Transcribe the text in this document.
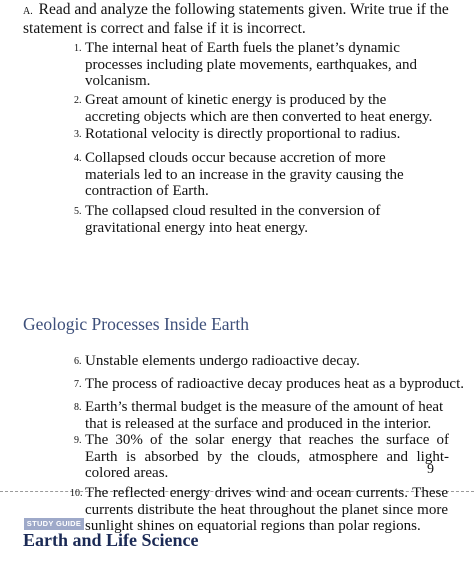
A. Read and analyze the following statements given. Write true if the statement is correct and false if it is incorrect.
1. The internal heat of Earth fuels the planet’s dynamic processes including plate movements, earthquakes, and volcanism.
2. Great amount of kinetic energy is produced by the accreting objects which are then converted to heat energy.
3. Rotational velocity is directly proportional to radius.
4. Collapsed clouds occur because accretion of more materials led to an increase in the gravity causing the contraction of Earth.
5. The collapsed cloud resulted in the conversion of gravitational energy into heat energy.
Geologic Processes Inside Earth
6. Unstable elements undergo radioactive decay.
7. The process of radioactive decay produces heat as a byproduct.
8. Earth’s thermal budget is the measure of the amount of heat that is released at the surface and produced in the interior.
9. The 30% of the solar energy that reaches the surface of Earth is absorbed by the clouds, atmosphere and light-colored areas.	9
10. The reflected energy drives wind and ocean currents. These currents distribute the heat throughout the planet since more sunlight shines on equatorial regions than polar regions.
STUDY GUIDE
Earth and Life Science
